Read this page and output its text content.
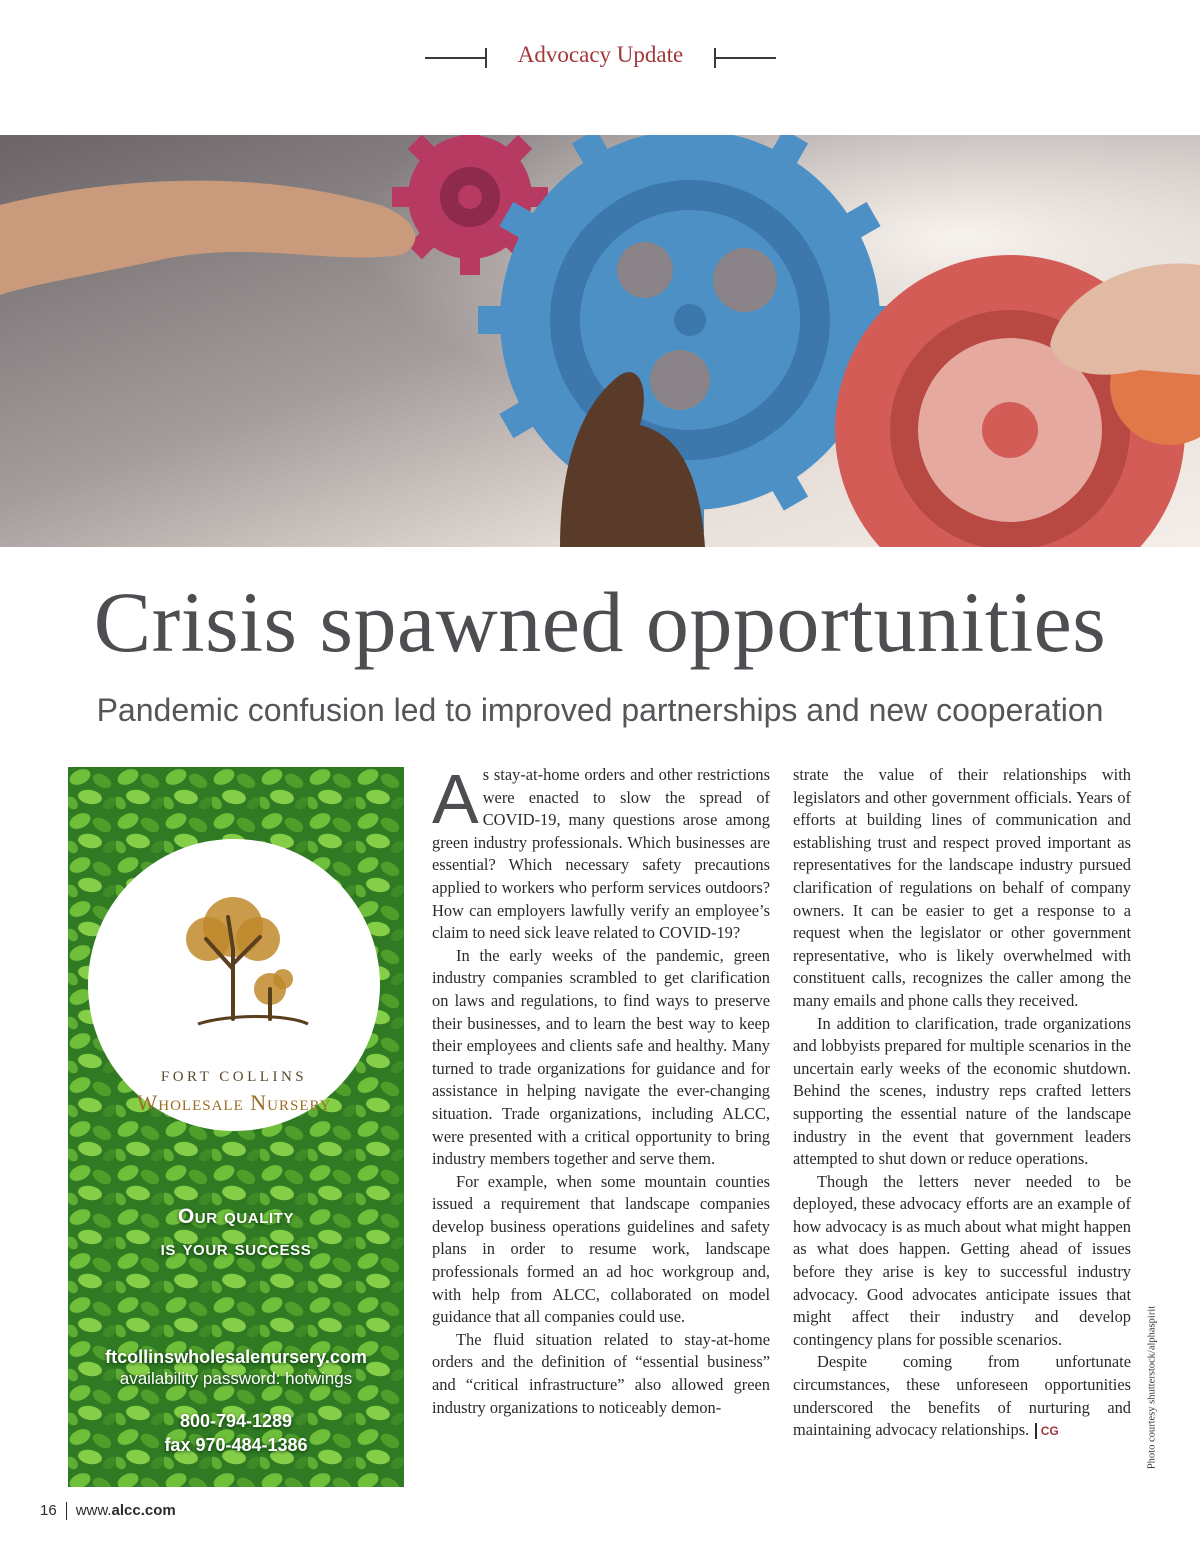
Advocacy Update
Crisis spawned opportunities
Pandemic confusion led to improved partnerships and new cooperation
FORT COLLINS
Wholesale Nursery
Our quality
is your success
ftcollinswholesalenursery.com
availability password: hotwings
800-794-1289
fax 970-484-1386

As stay-at-home orders and other restrictions were enacted to slow the spread of COVID-19, many questions arose among green industry professionals. Which businesses are essential? Which necessary safety precautions applied to workers who perform services outdoors? How can employers lawfully verify an employee’s claim to need sick leave related to COVID-19?

In the early weeks of the pandemic, green industry companies scrambled to get clarification on laws and regulations, to find ways to preserve their businesses, and to learn the best way to keep their employees and clients safe and healthy. Many turned to trade organizations for guidance and for assistance in helping navigate the ever-changing situation. Trade organizations, including ALCC, were presented with a critical opportunity to bring industry members together and serve them.

For example, when some mountain counties issued a requirement that landscape companies develop business operations guidelines and safety plans in order to resume work, landscape professionals formed an ad hoc workgroup and, with help from ALCC, collaborated on model guidance that all companies could use.

The fluid situation related to stay-at-home orders and the definition of “essential business” and “critical infrastructure” also allowed green industry organizations to noticeably demon-

strate the value of their relationships with legislators and other government officials. Years of efforts at building lines of communication and establishing trust and respect proved important as representatives for the landscape industry pursued clarification of regulations on behalf of company owners. It can be easier to get a response to a request when the legislator or other government representative, who is likely overwhelmed with constituent calls, recognizes the caller among the many emails and phone calls they received.

In addition to clarification, trade organizations and lobbyists prepared for multiple scenarios in the uncertain early weeks of the economic shutdown. Behind the scenes, industry reps crafted letters supporting the essential nature of the landscape industry in the event that government leaders attempted to shut down or reduce operations.

Though the letters never needed to be deployed, these advocacy efforts are an example of how advocacy is as much about what might happen as what does happen. Getting ahead of issues before they arise is key to successful industry advocacy. Good advocates anticipate issues that might affect their industry and develop contingency plans for possible scenarios.

Despite coming from unfortunate circumstances, these unforeseen opportunities underscored the benefits of nurturing and maintaining advocacy relationships. CG	Photo courtesy shutterstock/alphaspirit
16 www.alcc.com
